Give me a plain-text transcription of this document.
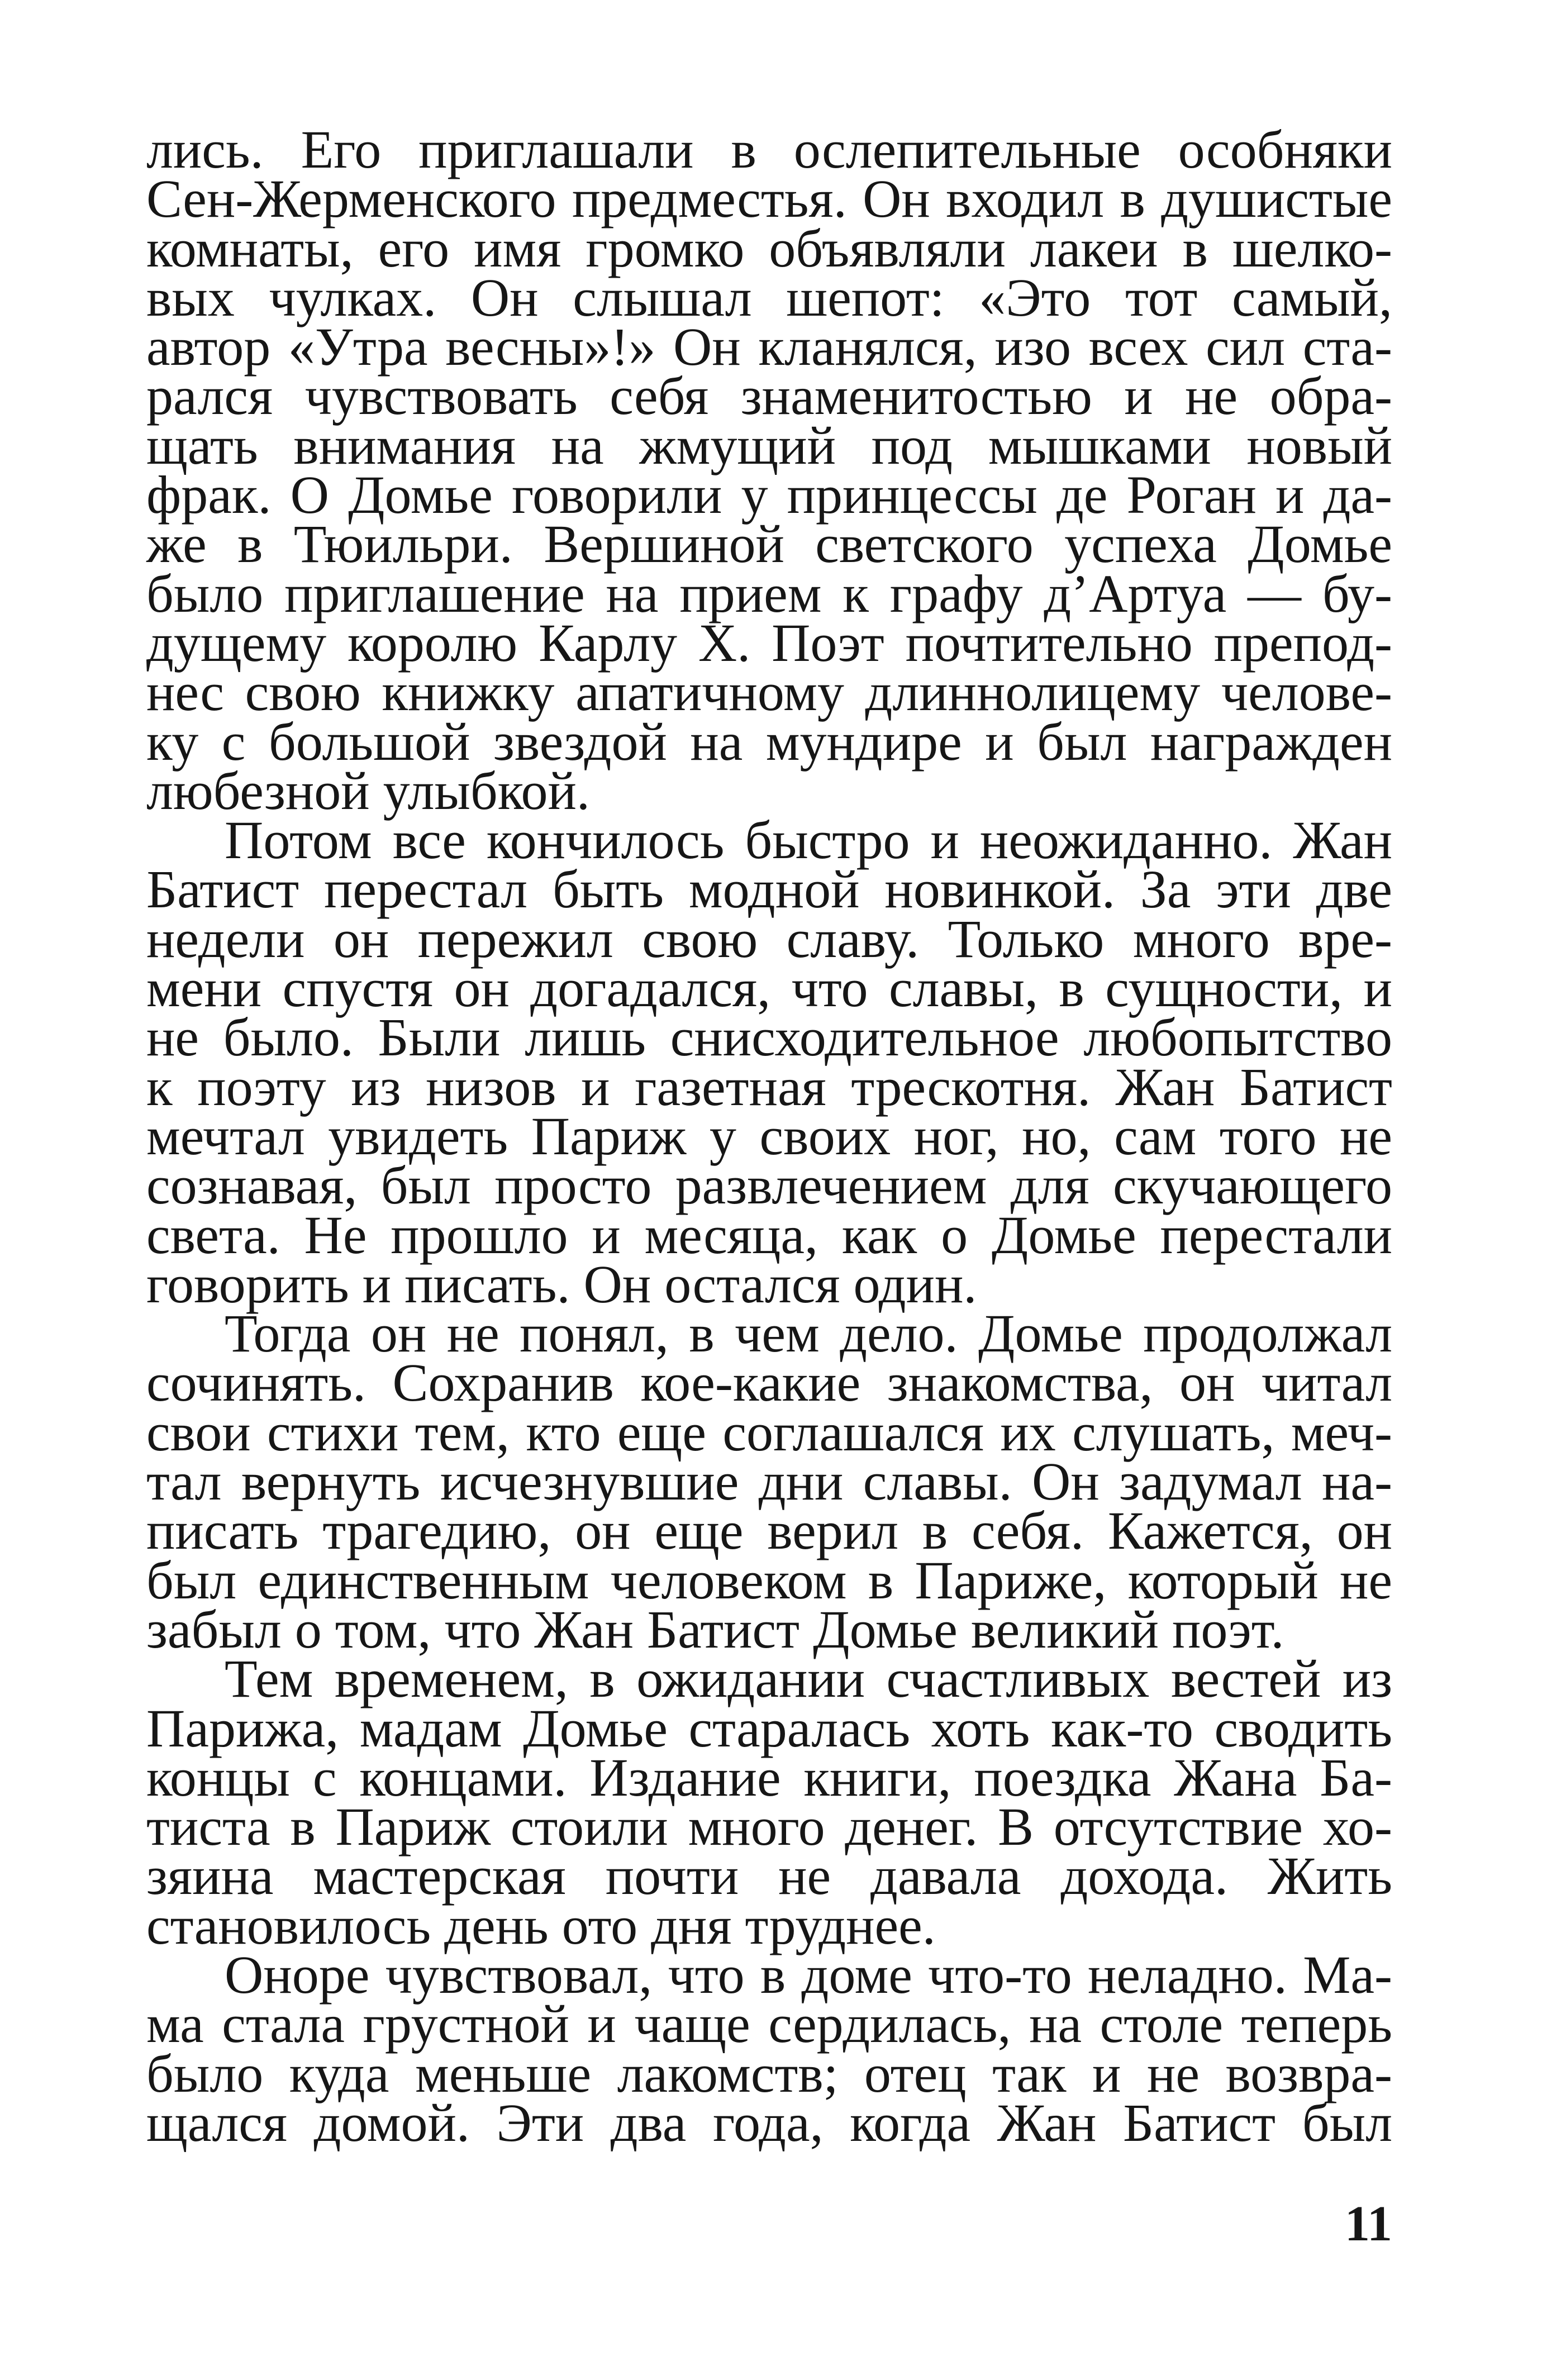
лись. Его приглашали в ослепительные особняки
Сен-Жерменского предместья. Он входил в душистые
комнаты, его имя громко объявляли лакеи в шелко-
вых чулках. Он слышал шепот: «Это тот самый,
автор «Утра весны»!» Он кланялся, изо всех сил ста-
рался чувствовать себя знаменитостью и не обра-
щать внимания на жмущий под мышками новый
фрак. О Домье говорили у принцессы де Роган и да-
же в Тюильри. Вершиной светского успеха Домье
было приглашение на прием к графу д’Артуа — бу-
дущему королю Карлу X. Поэт почтительно препод-
нес свою книжку апатичному длиннолицему челове-
ку с большой звездой на мундире и был награжден
любезной улыбкой.
Потом все кончилось быстро и неожиданно. Жан
Батист перестал быть модной новинкой. За эти две
недели он пережил свою славу. Только много вре-
мени спустя он догадался, что славы, в сущности, и
не было. Были лишь снисходительное любопытство
к поэту из низов и газетная трескотня. Жан Батист
мечтал увидеть Париж у своих ног, но, сам того не
сознавая, был просто развлечением для скучающего
света. Не прошло и месяца, как о Домье перестали
говорить и писать. Он остался один.
Тогда он не понял, в чем дело. Домье продолжал
сочинять. Сохранив кое-какие знакомства, он читал
свои стихи тем, кто еще соглашался их слушать, меч-
тал вернуть исчезнувшие дни славы. Он задумал на-
писать трагедию, он еще верил в себя. Кажется, он
был единственным человеком в Париже, который не
забыл о том, что Жан Батист Домье великий поэт.
Тем временем, в ожидании счастливых вестей из
Парижа, мадам Домье старалась хоть как-то сводить
концы с концами. Издание книги, поездка Жана Ба-
тиста в Париж стоили много денег. В отсутствие хо-
зяина мастерская почти не давала дохода. Жить
становилось день ото дня труднее.
Оноре чувствовал, что в доме что-то неладно. Ма-
ма стала грустной и чаще сердилась, на столе теперь
было куда меньше лакомств; отец так и не возвра-
щался домой. Эти два года, когда Жан Батист был
11
